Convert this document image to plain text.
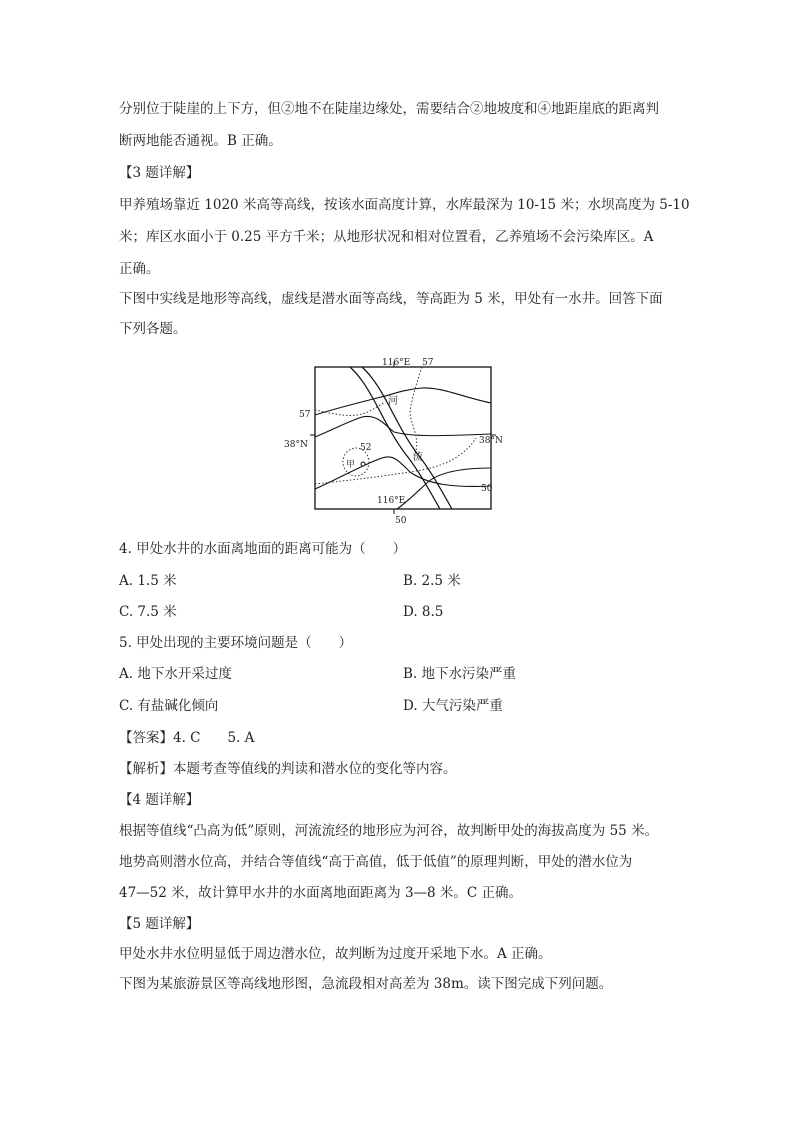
分别位于陡崖的上下方，但②地不在陡崖边缘处，需要结合②地坡度和④地距崖底的距离判
断两地能否通视。B 正确。
【3 题详解】
甲养殖场靠近 1020 米高等高线，按该水面高度计算，水库最深为 10-15 米；水坝高度为 5-10
米；库区水面小于 0.25 平方千米；从地形状况和相对位置看，乙养殖场不会污染库区。A
正确。
下图中实线是地形等高线，虚线是潜水面等高线，等高距为 5 米，甲处有一水井。回答下面
下列各题。
116°E 57
57
38°N	38°N
52
甲
河
流
116°E
50
50
4. 甲处水井的水面离地面的距离可能为（　　）
A. 1.5 米	B. 2.5 米
C. 7.5 米	D. 8.5
5. 甲处出现的主要环境问题是（　　）
A. 地下水开采过度	B. 地下水污染严重
C. 有盐碱化倾向	D. 大气污染严重
【答案】4. C　　5. A
【解析】本题考查等值线的判读和潜水位的变化等内容。
【4 题详解】
根据等值线“凸高为低”原则，河流流经的地形应为河谷，故判断甲处的海拔高度为 55 米。
地势高则潜水位高，并结合等值线“高于高值，低于低值”的原理判断，甲处的潜水位为
47—52 米，故计算甲水井的水面离地面距离为 3—8 米。C 正确。
【5 题详解】
甲处水井水位明显低于周边潜水位，故判断为过度开采地下水。A 正确。
下图为某旅游景区等高线地形图，急流段相对高差为 38m。读下图完成下列问题。
